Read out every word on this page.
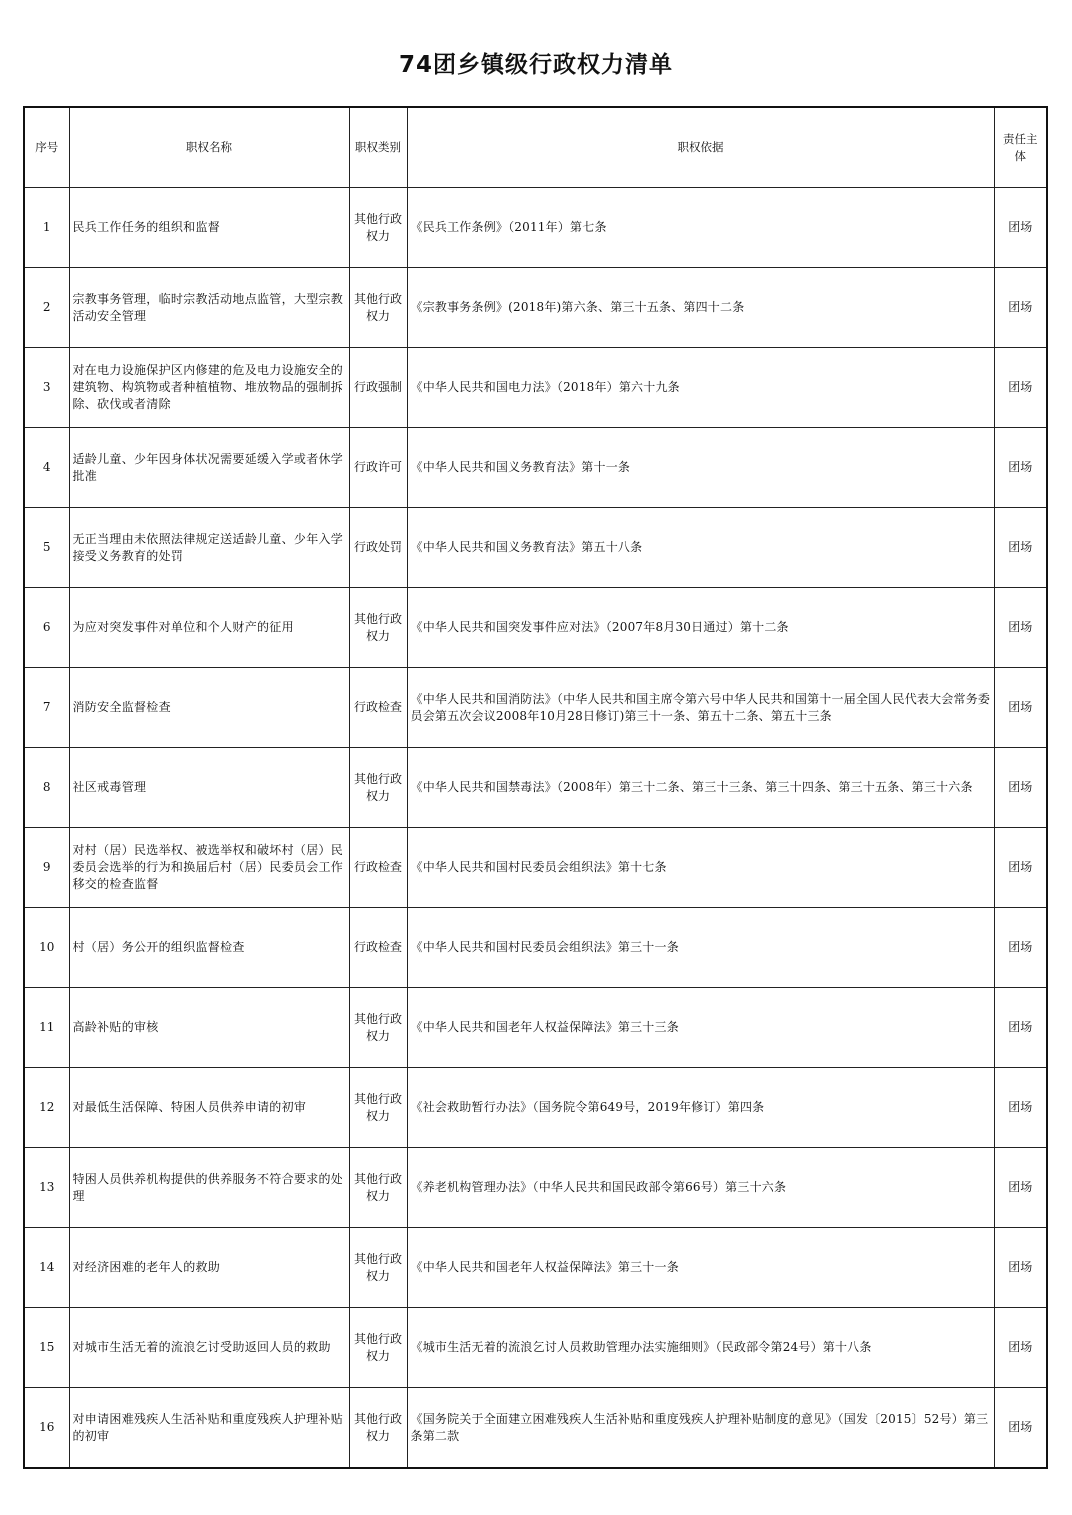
74团乡镇级行政权力清单
序号	职权名称	职权类别	职权依据	责任主体
1	民兵工作任务的组织和监督	其他行政权力	《民兵工作条例》（2011年）第七条	团场
2	宗教事务管理，临时宗教活动地点监管，大型宗教活动安全管理	其他行政权力	《宗教事务条例》(2018年)第六条、第三十五条、第四十二条	团场
3	对在电力设施保护区内修建的危及电力设施安全的建筑物、构筑物或者种植植物、堆放物品的强制拆除、砍伐或者清除	行政强制	《中华人民共和国电力法》（2018年）第六十九条	团场
4	适龄儿童、少年因身体状况需要延缓入学或者休学批准	行政许可	《中华人民共和国义务教育法》第十一条	团场
5	无正当理由未依照法律规定送适龄儿童、少年入学接受义务教育的处罚	行政处罚	《中华人民共和国义务教育法》第五十八条	团场
6	为应对突发事件对单位和个人财产的征用	其他行政权力	《中华人民共和国突发事件应对法》（2007年8月30日通过）第十二条	团场
7	消防安全监督检查	行政检查	《中华人民共和国消防法》（中华人民共和国主席令第六号中华人民共和国第十一届全国人民代表大会常务委员会第五次会议2008年10月28日修订)第三十一条、第五十二条、第五十三条	团场
8	社区戒毒管理	其他行政权力	《中华人民共和国禁毒法》（2008年）第三十二条、第三十三条、第三十四条、第三十五条、第三十六条	团场
9	对村（居）民选举权、被选举权和破坏村（居）民委员会选举的行为和换届后村（居）民委员会工作移交的检查监督	行政检查	《中华人民共和国村民委员会组织法》第十七条	团场
10	村（居）务公开的组织监督检查	行政检查	《中华人民共和国村民委员会组织法》第三十一条	团场
11	高龄补贴的审核	其他行政权力	《中华人民共和国老年人权益保障法》第三十三条	团场
12	对最低生活保障、特困人员供养申请的初审	其他行政权力	《社会救助暂行办法》（国务院令第649号，2019年修订）第四条	团场
13	特困人员供养机构提供的供养服务不符合要求的处理	其他行政权力	《养老机构管理办法》（中华人民共和国民政部令第66号）第三十六条	团场
14	对经济困难的老年人的救助	其他行政权力	《中华人民共和国老年人权益保障法》第三十一条	团场
15	对城市生活无着的流浪乞讨受助返回人员的救助	其他行政权力	《城市生活无着的流浪乞讨人员救助管理办法实施细则》（民政部令第24号）第十八条	团场
16	对申请困难残疾人生活补贴和重度残疾人护理补贴的初审	其他行政权力	《国务院关于全面建立困难残疾人生活补贴和重度残疾人护理补贴制度的意见》（国发〔2015〕52号）第三条第二款	团场
